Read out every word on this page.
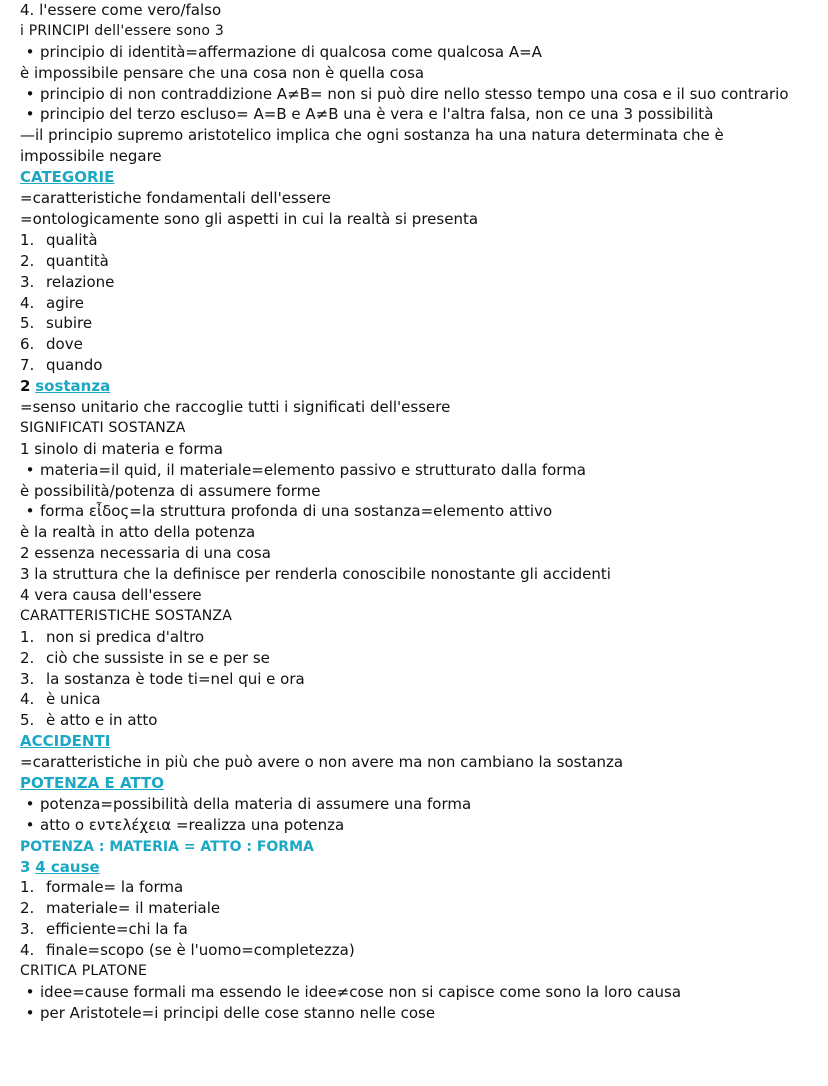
4. l'essere come vero/falso
i PRINCIPI dell'essere sono 3
• principio di identità=affermazione di qualcosa come qualcosa A=A
è impossibile pensare che una cosa non è quella cosa
• principio di non contraddizione A≠B= non si può dire nello stesso tempo una cosa e il suo contrario
• principio del terzo escluso= A=B e A≠B una è vera e l'altra falsa, non ce una 3 possibilità
—il principio supremo aristotelico implica che ogni sostanza ha una natura determinata che è impossibile negare
CATEGORIE
=caratteristiche fondamentali dell'essere
=ontologicamente sono gli aspetti in cui la realtà si presenta
1. qualità
2. quantità
3. relazione
4. agire
5. subire
6. dove
7. quando
2 sostanza
=senso unitario che raccoglie tutti i significati dell'essere
SIGNIFICATI SOSTANZA
1 sinolo di materia e forma
• materia=il quid, il materiale=elemento passivo e strutturato dalla forma
è possibilità/potenza di assumere forme
• forma εἶδος=la struttura profonda di una sostanza=elemento attivo
è la realtà in atto della potenza
2 essenza necessaria di una cosa
3 la struttura che la definisce per renderla conoscibile nonostante gli accidenti
4 vera causa dell'essere
CARATTERISTICHE SOSTANZA
1. non si predica d'altro
2. ciò che sussiste in se e per se
3. la sostanza è tode ti=nel qui e ora
4. è unica
5. è atto e in atto
ACCIDENTI
=caratteristiche in più che può avere o non avere ma non cambiano la sostanza
POTENZA E ATTO
• potenza=possibilità della materia di assumere una forma
• atto o εντελέχεια =realizza una potenza
POTENZA : MATERIA = ATTO : FORMA
3 4 cause
1. formale= la forma
2. materiale= il materiale
3. efficiente=chi la fa
4. finale=scopo (se è l'uomo=completezza)
CRITICA PLATONE
• idee=cause formali ma essendo le idee≠cose non si capisce come sono la loro causa
• per Aristotele=i principi delle cose stanno nelle cose
